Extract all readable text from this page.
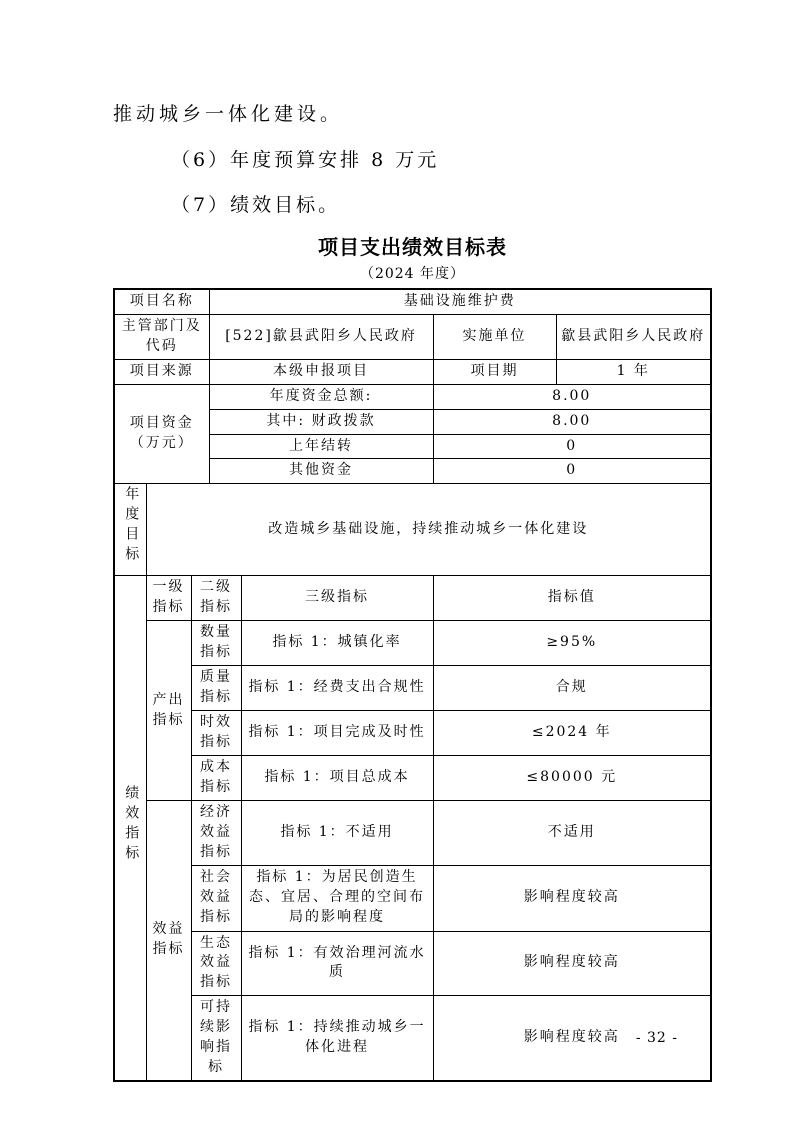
推动城乡一体化建设。

（6）年度预算安排 8 万元

（7）绩效目标。

项目支出绩效目标表
（2024 年度）
项目名称			基础设施维护费			
主管部门及代码			[522]歙县武阳乡人民政府		实施单位	歙县武阳乡人民政府
项目来源			本级申报项目		项目期	1 年
项目资金（万元）			年度资金总额:		8.00	
			其中: 财政拨款		8.00	
			上年结转		0	
			其他资金		0	
年度目标	改造城乡基础设施，持续推动城乡一体化建设					
绩效指标	一级指标	二级指标		三级指标	指标值	
	产出指标	数量指标		指标 1：城镇化率	≥95%	
		质量指标		指标 1：经费支出合规性	合规	
		时效指标		指标 1：项目完成及时性	≤2024 年	
		成本指标		指标 1：项目总成本	≤80000 元	
	效益指标	经济效益指标		指标 1：不适用	不适用	
		社会效益指标		指标 1：为居民创造生态、宜居、合理的空间布局的影响程度	影响程度较高	
		生态效益指标		指标 1：有效治理河流水质	影响程度较高	
		可持续影响指标		指标 1：持续推动城乡一体化进程	影响程度较高	- 32 -
